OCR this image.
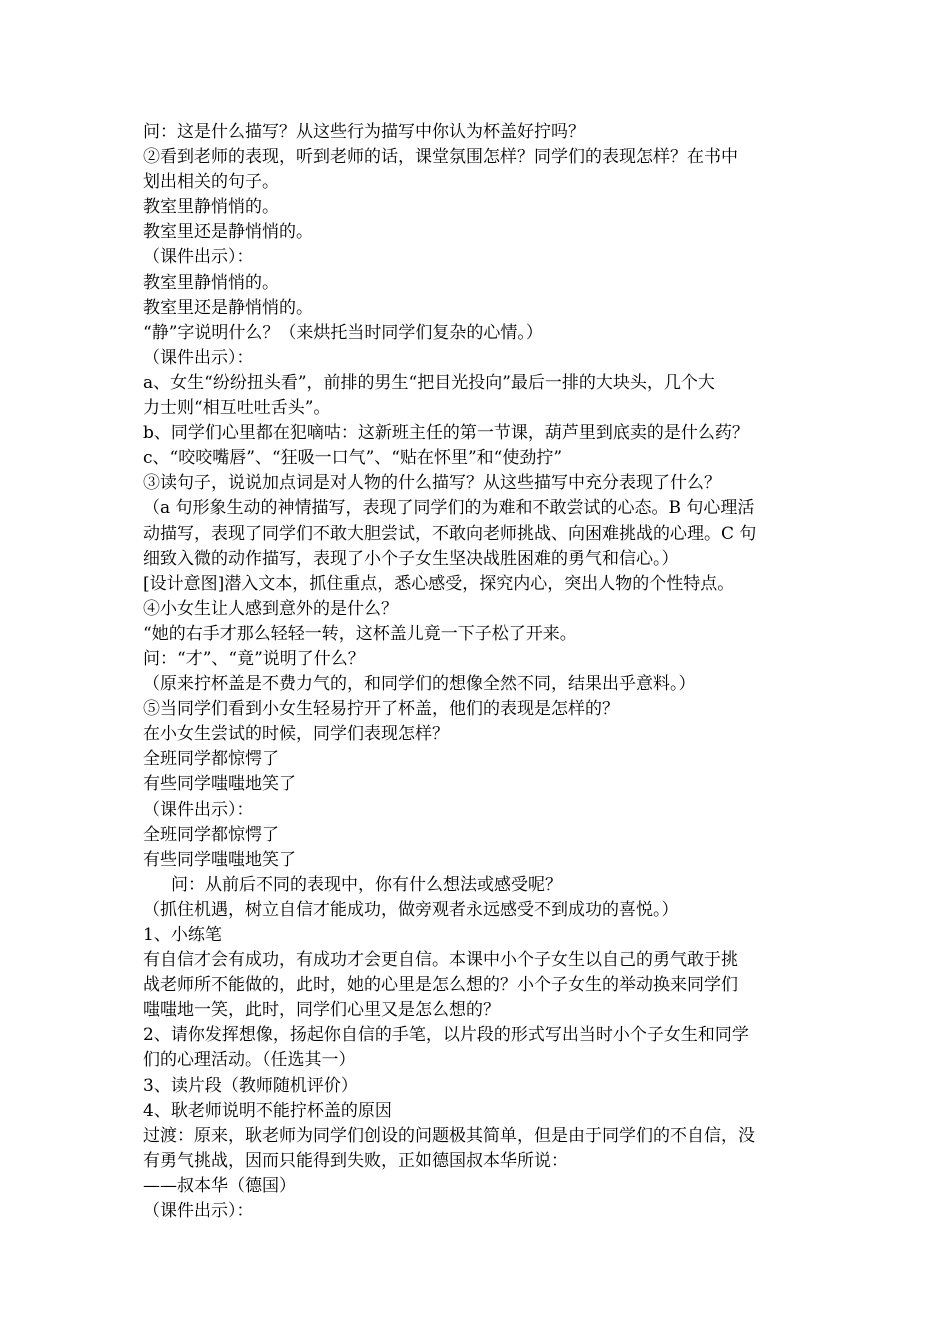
问：这是什么描写？从这些行为描写中你认为杯盖好拧吗？
②看到老师的表现，听到老师的话，课堂氛围怎样？同学们的表现怎样？在书中
划出相关的句子。
教室里静悄悄的。
教室里还是静悄悄的。
（课件出示）：
教室里静悄悄的。
教室里还是静悄悄的。
“静”字说明什么？（来烘托当时同学们复杂的心情。）
（课件出示）：
a、女生“纷纷扭头看”，前排的男生“把目光投向”最后一排的大块头，几个大
力士则“相互吐吐舌头”。
b、同学们心里都在犯嘀咕：这新班主任的第一节课，葫芦里到底卖的是什么药？
c、“咬咬嘴唇”、“狂吸一口气”、“贴在怀里”和“使劲拧”
③读句子，说说加点词是对人物的什么描写？从这些描写中充分表现了什么？
（a 句形象生动的神情描写，表现了同学们的为难和不敢尝试的心态。B 句心理活
动描写，表现了同学们不敢大胆尝试，不敢向老师挑战、向困难挑战的心理。C 句
细致入微的动作描写，表现了小个子女生坚决战胜困难的勇气和信心。）
[设计意图]潜入文本，抓住重点，悉心感受，探究内心，突出人物的个性特点。
④小女生让人感到意外的是什么？
“她的右手才那么轻轻一转，这杯盖儿竟一下子松了开来。
问：“才”、“竟”说明了什么？
（原来拧杯盖是不费力气的，和同学们的想像全然不同，结果出乎意料。）
⑤当同学们看到小女生轻易拧开了杯盖，他们的表现是怎样的？
在小女生尝试的时候，同学们表现怎样？
全班同学都惊愕了
有些同学嗤嗤地笑了
（课件出示）：
全班同学都惊愕了
有些同学嗤嗤地笑了
问：从前后不同的表现中，你有什么想法或感受呢？
（抓住机遇，树立自信才能成功，做旁观者永远感受不到成功的喜悦。）
1、小练笔
有自信才会有成功，有成功才会更自信。本课中小个子女生以自己的勇气敢于挑
战老师所不能做的，此时，她的心里是怎么想的？小个子女生的举动换来同学们
嗤嗤地一笑，此时，同学们心里又是怎么想的？
2、请你发挥想像，扬起你自信的手笔，以片段的形式写出当时小个子女生和同学
们的心理活动。（任选其一）
3、读片段（教师随机评价）
4、耿老师说明不能拧杯盖的原因
过渡：原来，耿老师为同学们创设的问题极其简单，但是由于同学们的不自信，没
有勇气挑战，因而只能得到失败，正如德国叔本华所说：
——叔本华（德国）
（课件出示）：
